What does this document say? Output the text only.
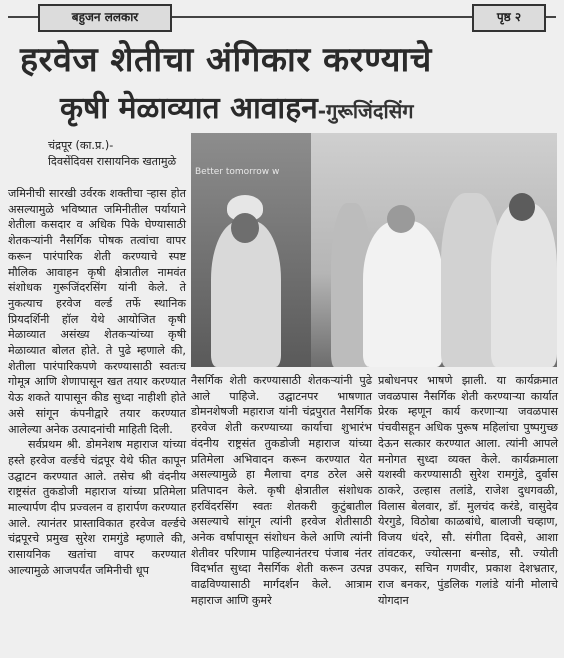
बहुजन ललकार	पृष्ठ २
हरवेज शेतीचा अंगिकार करण्याचे
कृषी मेळाव्यात आवाहन-गुरूजिंदसिंग

चंद्रपूर (का.प्र.)-

दिवसेंदिवस रासायनिक खतामुळे

जमिनीची सारखी उर्वरक शक्तीचा ऱ्हास होत असल्यामुळे भविष्यात जमिनीतील पर्यायाने शेतीला कसदार व अधिक पिके घेण्यासाठी शेतकऱ्यांनी नैसर्गिक पोषक तत्वांचा वापर करून पारंपारिक शेती करण्याचे स्पष्ट मौलिक आवाहन कृषी क्षेत्रातील नामवंत संशोधक गुरूजिंदरसिंग यांनी केले. ते नुकत्याच हरवेज वर्ल्ड तर्फे स्थानिक प्रियदर्शिनी हॉल येथे आयोजित कृषी मेळाव्यात असंख्य शेतकऱ्यांच्या कृषी मेळाव्यात बोलत होते. ते पुढे म्हणाले की, शेतीला पारंपारिकपणे करण्यासाठी स्वतःच गोमूत्र आणि शेणापासून खत तयार करण्यात येऊ शकते यापासून कीड सुध्दा नाहीशी होते असे सांगून कंपनीद्वारे तयार करण्यात आलेल्या अनेक उत्पादनांची माहिती दिली.

सर्वप्रथम श्री. डोमनेशष महाराज यांच्या हस्ते हरवेज वर्ल्डचे चंद्रपूर येथे फीत कापून उद्घाटन करण्यात आले. तसेच श्री वंदनीय राष्ट्रसंत तुकडोजी महाराज यांच्या प्रतिमेला माल्यार्पण दीप प्रज्वलन व हारार्पण करण्यात आले. त्यानंतर प्रास्ताविकात हरवेज वर्ल्डचे चंद्रपूरचे प्रमुख सुरेश रामगुंडे म्हणाले की, रासायनिक खतांचा वापर करण्यात आल्यामुळे आजपर्यंत जमिनीची धूप

Better tomorrow w

नैसर्गिक शेती करण्यासाठी शेतकऱ्यांनी पुढे आले पाहिजे. उद्घाटनपर भाषणात डोमनशेषजी महाराज यांनी चंद्रपुरात नैसर्गिक हरवेज शेती करण्याच्या कार्याचा शुभारंभ वंदनीय राष्ट्रसंत तुकडोजी महाराज यांच्या प्रतिमेला अभिवादन करून करण्यात येत असल्यामुळे हा मैलाचा दगड ठरेल असे प्रतिपादन केले. कृषी क्षेत्रातील संशोधक हरविंदरसिंग स्वतः शेतकरी कुटुंबातील असल्याचे सांगून त्यांनी हरवेज शेतीसाठी अनेक वर्षापासून संशोधन केले आणि त्यांनी शेतीवर परिणाम पाहिल्यानंतरच पंजाब नंतर विदर्भात सुध्दा नैसर्गिक शेती करून उत्पन्न वाढविण्यासाठी मार्गदर्शन केले. आत्राम महाराज आणि कुमरे

प्रबोधनपर भाषणे झाली. या कार्यक्रमात जवळपास नैसर्गिक शेती करण्याऱ्या कार्यात प्रेरक म्हणून कार्य करणाऱ्या जवळपास पंचवीसहून अधिक पुरूष महिलांचा पुष्पगुच्छ देऊन सत्कार करण्यात आला. त्यांनी आपले मनोगत सुध्दा व्यक्त केले. कार्यक्रमाला यशस्वी करण्यासाठी सुरेश रामगुंडे, दुर्वास ठाकरे, उल्हास तलांडे, राजेश दुधगवळी, विलास बेलवार, डॉ. मुलचंद करंडे, वासुदेव येरगुडे, विठोबा काळबांधे, बालाजी चव्हाण, विजय धंदरे, सौ. संगीता दिवसे, आशा तांवटकर, ज्योत्सना बन्सोड, सौ. ज्योती उपकर, सचिन गणवीर, प्रकाश देशभ्रतार, राज बनकर, पुंडलिक गलांडे यांनी मोलाचे योगदान
